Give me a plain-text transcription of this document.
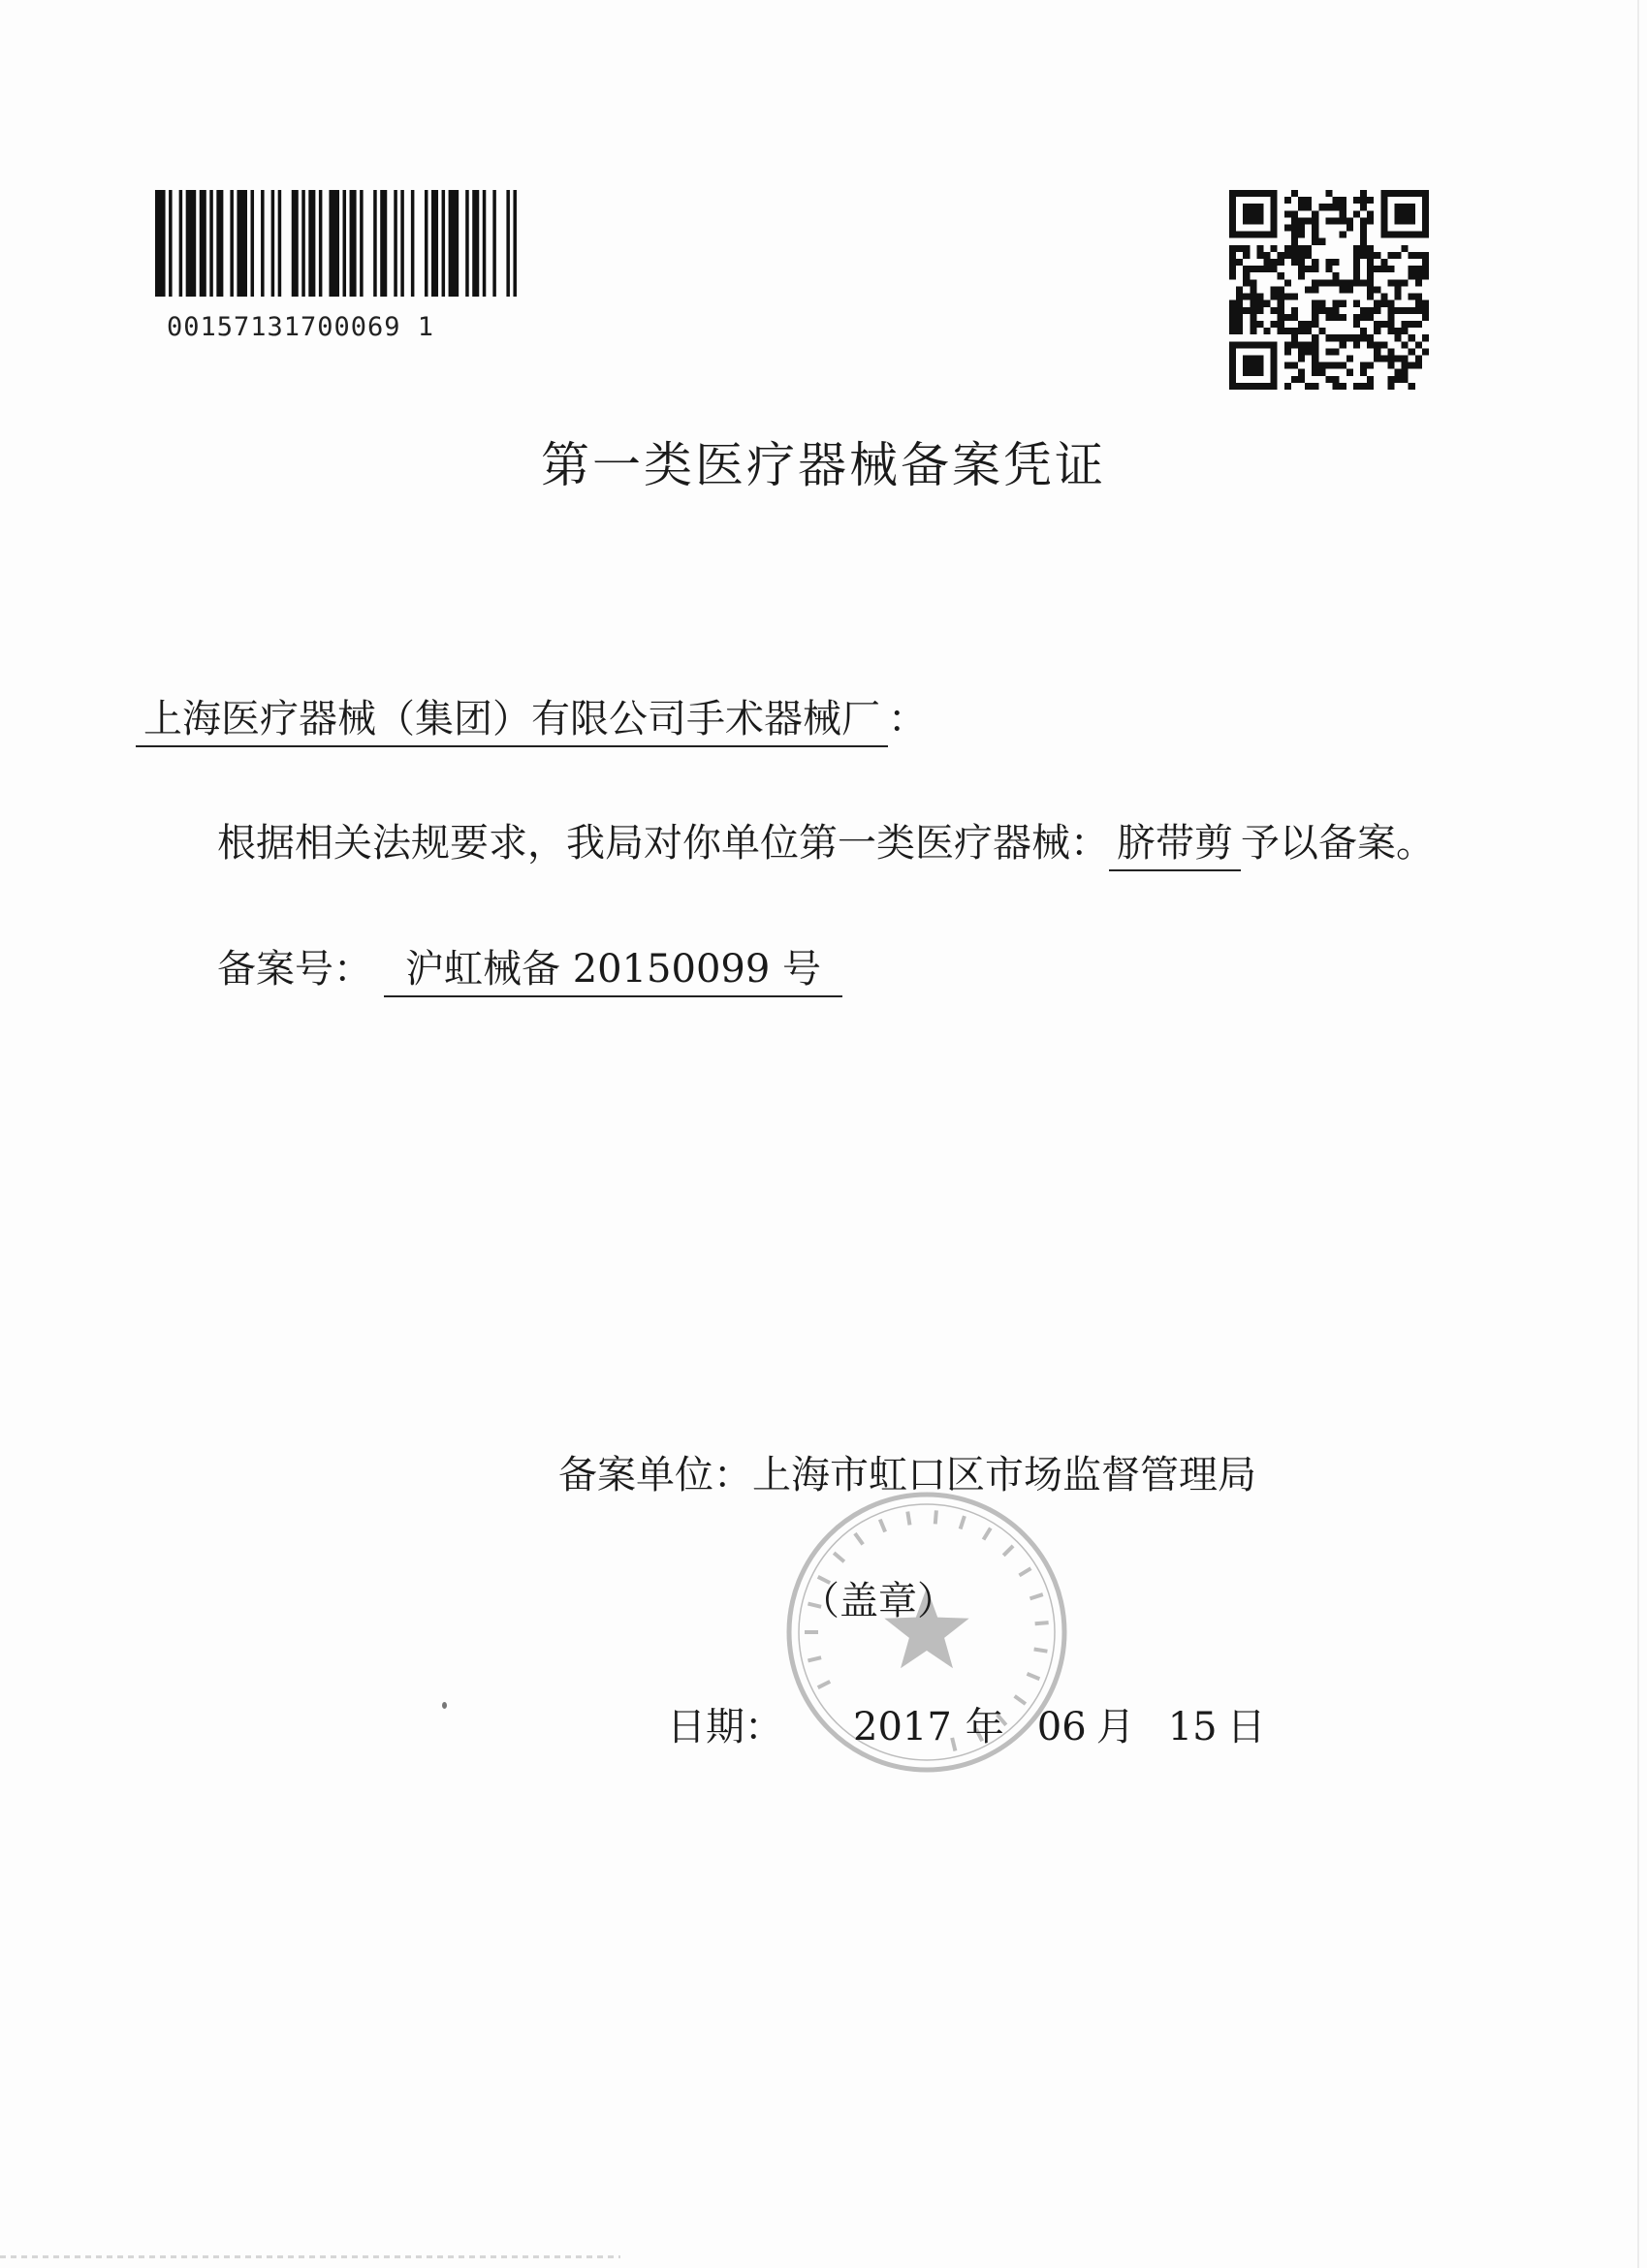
00157131700069 1
第一类医疗器械备案凭证
上海医疗器械（集团）有限公司手术器械厂 ：
根据相关法规要求，我局对你单位第一类医疗器械： 脐带剪 予以备案。
备案号： 沪虹械备 20150099 号
备案单位：上海市虹口区市场监督管理局
（盖章）
日期： 2017 年 06 月 15 日
